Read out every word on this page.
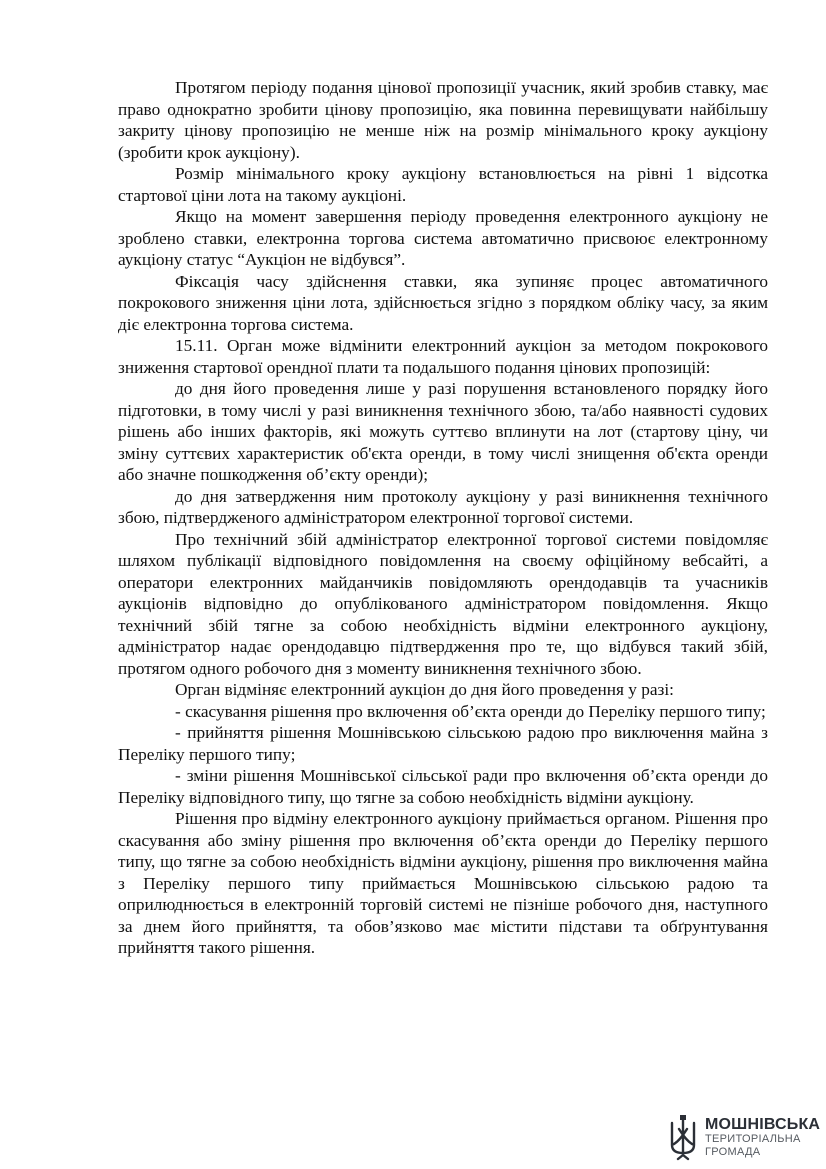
Протягом періоду подання цінової пропозиції учасник, який зробив ставку, має право однократно зробити цінову пропозицію, яка повинна перевищувати найбільшу закриту цінову пропозицію не менше ніж на розмір мінімального кроку аукціону (зробити крок аукціону).

Розмір мінімального кроку аукціону встановлюється на рівні 1 відсотка стартової ціни лота на такому аукціоні.

Якщо на момент завершення періоду проведення електронного аукціону не зроблено ставки, електронна торгова система автоматично присвоює електронному аукціону статус “Аукціон не відбувся”.

Фіксація часу здійснення ставки, яка зупиняє процес автоматичного покрокового зниження ціни лота, здійснюється згідно з порядком обліку часу, за яким діє електронна торгова система.

15.11. Орган може відмінити електронний аукціон за методом покрокового зниження стартової орендної плати та подальшого подання цінових пропозицій:

до дня його проведення лише у разі порушення встановленого порядку його підготовки, в тому числі у разі виникнення технічного збою, та/або наявності судових рішень або інших факторів, які можуть суттєво вплинути на лот (стартову ціну, чи зміну суттєвих характеристик об'єкта оренди, в тому числі знищення об'єкта оренди або значне пошкодження об’єкту оренди);

до дня затвердження ним протоколу аукціону у разі виникнення технічного збою, підтвердженого адміністратором електронної торгової системи.

Про технічний збій адміністратор електронної торгової системи повідомляє шляхом публікації відповідного повідомлення на своєму офіційному вебсайті, а оператори електронних майданчиків повідомляють орендодавців та учасників аукціонів відповідно до опублікованого адміністратором повідомлення. Якщо технічний збій тягне за собою необхідність відміни електронного аукціону, адміністратор надає орендодавцю підтвердження про те, що відбувся такий збій, протягом одного робочого дня з моменту виникнення технічного збою.

Орган відміняє електронний аукціон до дня його проведення у разі:

- скасування рішення про включення об’єкта оренди до Переліку першого типу;

- прийняття рішення Мошнівською сільською радою про виключення майна з Переліку першого типу;

- зміни рішення Мошнівської сільської ради про включення об’єкта оренди до Переліку відповідного типу, що тягне за собою необхідність відміни аукціону.

Рішення про відміну електронного аукціону приймається органом. Рішення про скасування або зміну рішення про включення об’єкта оренди до Переліку першого типу, що тягне за собою необхідність відміни аукціону, рішення про виключення майна з Переліку першого типу приймається Мошнівською сільською радою та оприлюднюється в електронній торговій системі не пізніше робочого дня, наступного за днем його прийняття, та обов’язково має містити підстави та обґрунтування прийняття такого рішення.

МОШНІВСЬКА
ТЕРИТОРІАЛЬНА
ГРОМАДА
